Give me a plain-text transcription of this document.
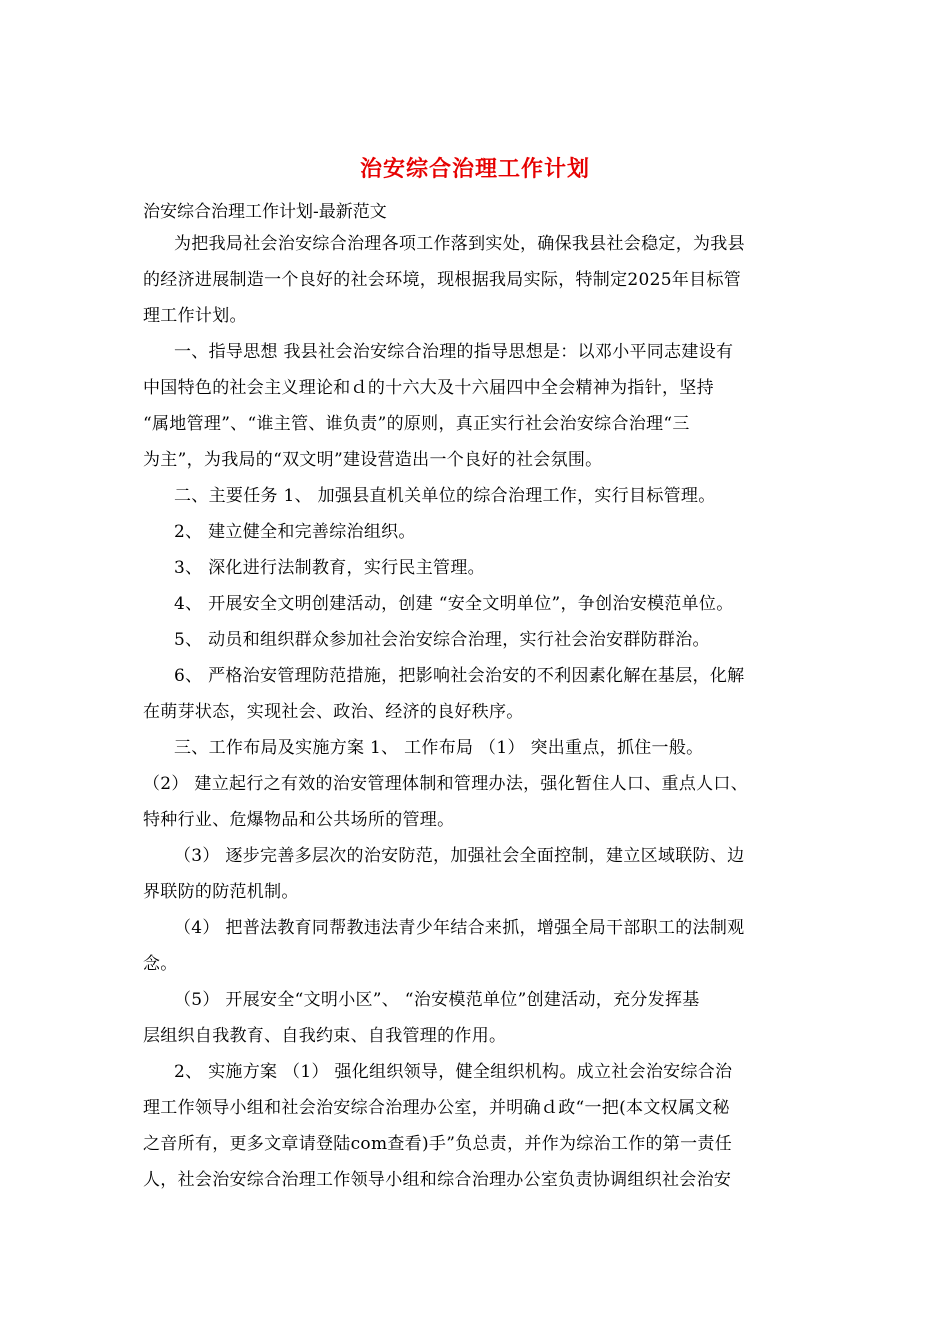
治安综合治理工作计划
治安综合治理工作计划-最新范文
为把我局社会治安综合治理各项工作落到实处，确保我县社会稳定，为我县
的经济进展制造一个良好的社会环境，现根据我局实际，特制定2025年目标管
理工作计划。
一、指导思想 我县社会治安综合治理的指导思想是：以邓小平同志建设有
中国特色的社会主义理论和ｄ的十六大及十六届四中全会精神为指针，坚持
“属地管理”、“谁主管、谁负责”的原则，真正实行社会治安综合治理“三
为主”，为我局的“双文明”建设营造出一个良好的社会氛围。
二、主要任务 1、 加强县直机关单位的综合治理工作，实行目标管理。
2、 建立健全和完善综治组织。
3、 深化进行法制教育，实行民主管理。
4、 开展安全文明创建活动，创建 “安全文明单位”，争创治安模范单位。
5、 动员和组织群众参加社会治安综合治理，实行社会治安群防群治。
6、 严格治安管理防范措施，把影响社会治安的不利因素化解在基层，化解
在萌芽状态，实现社会、政治、经济的良好秩序。
三、工作布局及实施方案 1、 工作布局 （1） 突出重点，抓住一般。
（2） 建立起行之有效的治安管理体制和管理办法，强化暂住人口、重点人口、
特种行业、危爆物品和公共场所的管理。
（3） 逐步完善多层次的治安防范，加强社会全面控制，建立区域联防、边
界联防的防范机制。
（4） 把普法教育同帮教违法青少年结合来抓，增强全局干部职工的法制观
念。
（5） 开展安全“文明小区”、 “治安模范单位”创建活动，充分发挥基
层组织自我教育、自我约束、自我管理的作用。
2、 实施方案 （1） 强化组织领导，健全组织机构。成立社会治安综合治
理工作领导小组和社会治安综合治理办公室，并明确ｄ政“一把(本文权属文秘
之音所有，更多文章请登陆com查看)手”负总责，并作为综治工作的第一责任
人，社会治安综合治理工作领导小组和综合治理办公室负责协调组织社会治安
